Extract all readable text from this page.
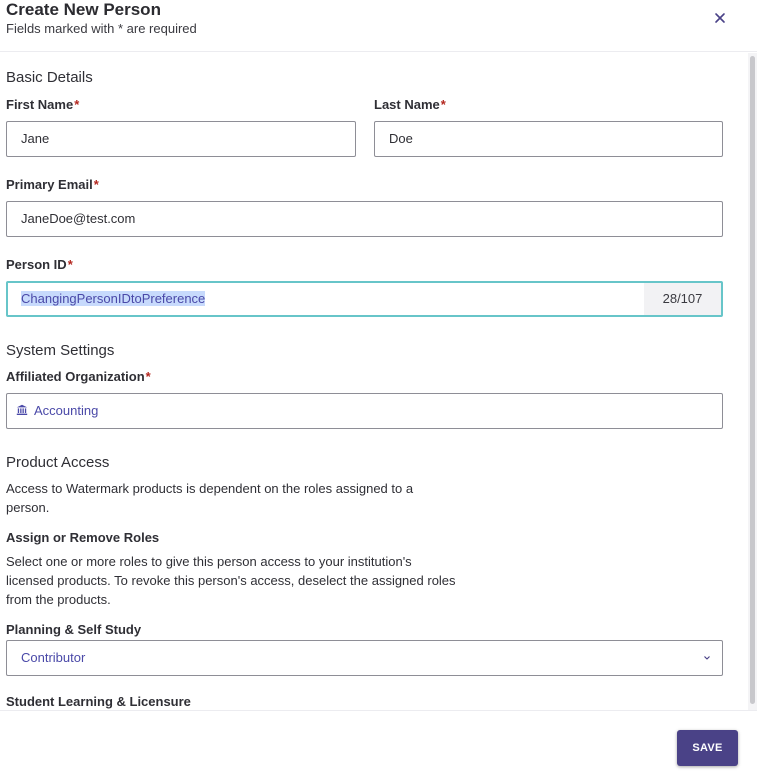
Create New Person
Fields marked with * are required
Basic Details
First Name*
Jane
Last Name*
Doe
Primary Email*
JaneDoe@test.com
Person ID*
ChangingPersonIDtoPreference	28/107
System Settings
Affiliated Organization*
Accounting
Product Access
Access to Watermark products is dependent on the roles assigned to a
person.
Assign or Remove Roles
Select one or more roles to give this person access to your institution's
licensed products. To revoke this person's access, deselect the assigned roles
from the products.
Planning & Self Study
Contributor
Student Learning & Licensure
SAVE
